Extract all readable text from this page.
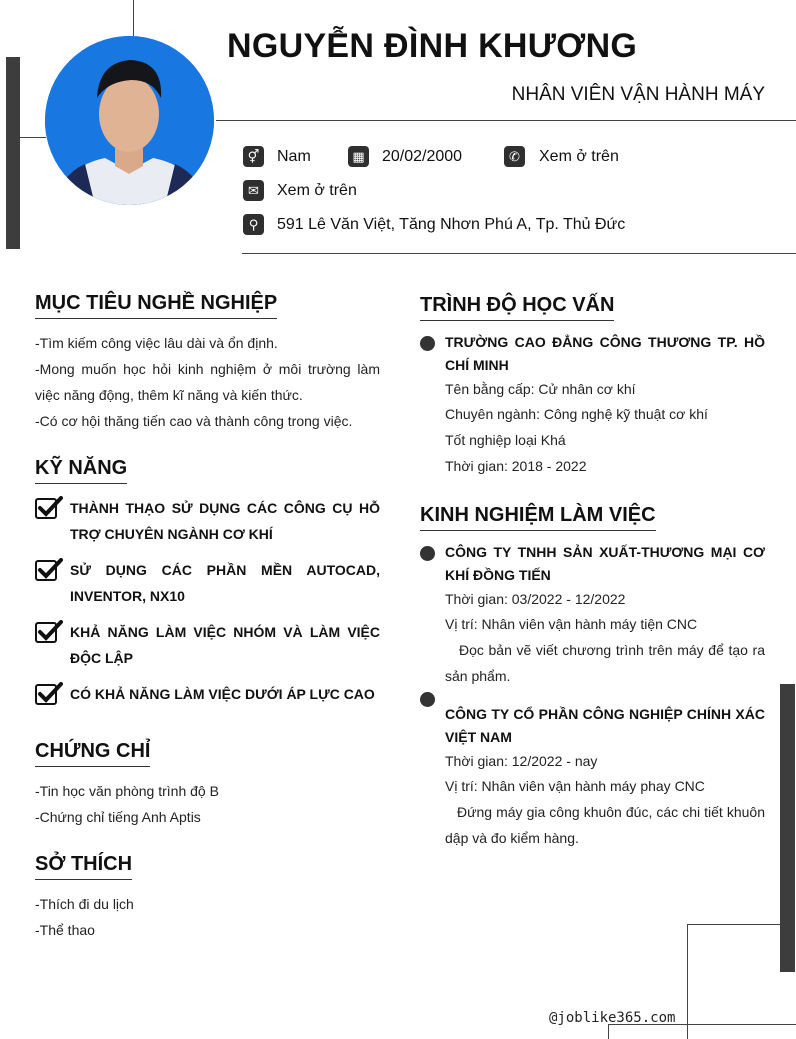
NGUYỄN ĐÌNH KHƯƠNG
NHÂN VIÊN VẬN HÀNH MÁY
⚥ Nam	▦ 20/02/2000	✆	Xem ở trên
✉	Xem ở trên
⚲	591 Lê Văn Việt, Tăng Nhơn Phú A, Tp. Thủ Đức
MỤC TIÊU NGHỀ NGHIỆP
-Tìm kiếm công việc lâu dài và ổn định.
-Mong muốn học hỏi kinh nghiệm ở môi trường làm việc năng động, thêm kĩ năng và kiến thức.
-Có cơ hội thăng tiến cao và thành công trong việc.
KỸ NĂNG
THÀNH THẠO SỬ DỤNG CÁC CÔNG CỤ HỖ TRỢ CHUYÊN NGÀNH CƠ KHÍ
SỬ DỤNG CÁC PHẦN MỀN AUTOCAD, INVENTOR, NX10
KHẢ NĂNG LÀM VIỆC NHÓM VÀ LÀM VIỆC ĐỘC LẬP
CÓ KHẢ NĂNG LÀM VIỆC DƯỚI ÁP LỰC CAO
CHỨNG CHỈ
-Tin học văn phòng trình độ B
-Chứng chỉ tiếng Anh Aptis
SỞ THÍCH
-Thích đi du lịch
-Thể thao
TRÌNH ĐỘ HỌC VẤN
TRƯỜNG CAO ĐẲNG CÔNG THƯƠNG TP. HỒ CHÍ MINH
Tên bằng cấp: Cử nhân cơ khí
Chuyên ngành: Công nghệ kỹ thuật cơ khí
Tốt nghiệp loại Khá
Thời gian: 2018 - 2022
KINH NGHIỆM LÀM VIỆC
CÔNG TY TNHH SẢN XUẤT-THƯƠNG MẠI CƠ KHÍ ĐỒNG TIẾN
Thời gian: 03/2022 - 12/2022
Vị trí: Nhân viên vận hành máy tiện CNC
Đọc bản vẽ viết chương trình trên máy để tạo ra sản phẩm.
CÔNG TY CỔ PHẦN CÔNG NGHIỆP CHÍNH XÁC VIỆT NAM
Thời gian: 12/2022 - nay
Vị trí: Nhân viên vận hành máy phay CNC
Đứng máy gia công khuôn đúc, các chi tiết khuôn dập và đo kiểm hàng.
@joblike365.com
